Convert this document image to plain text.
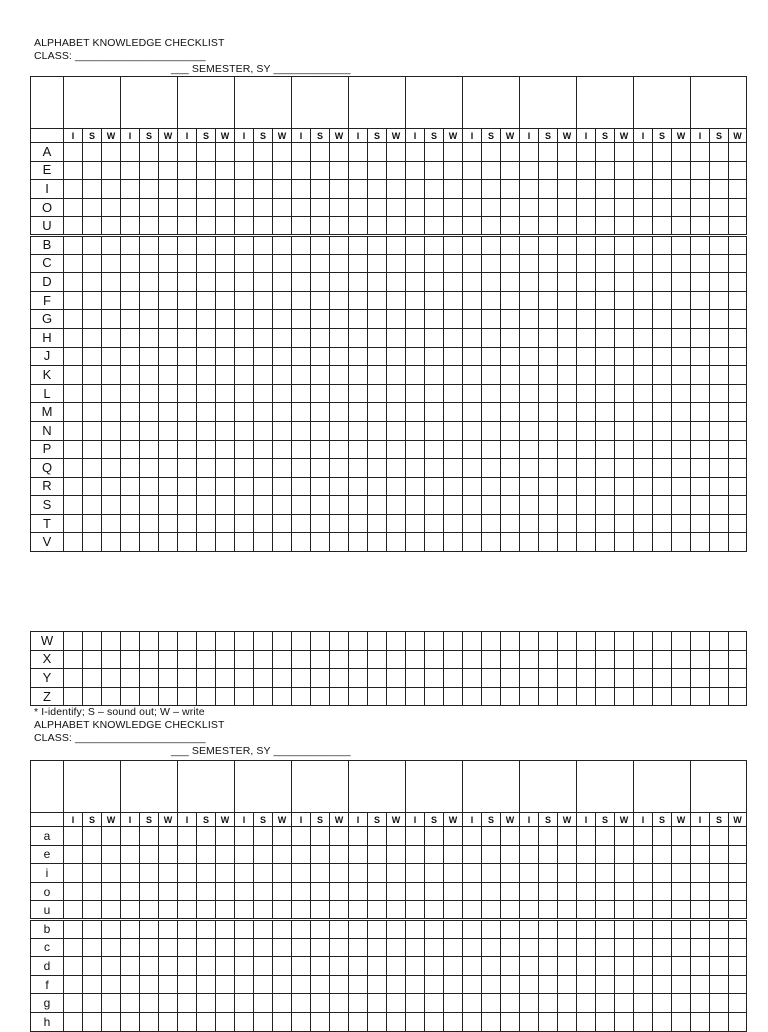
ALPHABET KNOWLEDGE CHECKLIST
CLASS: ______________________
___ SEMESTER, SY _____________

	I	S	W	I	S	W	I	S	W	I	S	W	I	S	W	I	S	W	I	S	W	I	S	W	I	S	W	I	S	W	I	S	W	I	S	W
A																																				
E																																				
I																																				
O																																				
U																																				
B																																				
C																																				
D																																				
F																																				
G																																				
H																																				
J																																				
K																																				
L																																				
M																																				
N																																				
P																																				
Q																																				
R																																				
S																																				
T																																				
V																																				
W																																				
X																																				
Y																																				
Z																																				
* I-identify; S – sound out; W – write
ALPHABET KNOWLEDGE CHECKLIST
CLASS: ______________________
___ SEMESTER, SY _____________

	I	S	W	I	S	W	I	S	W	I	S	W	I	S	W	I	S	W	I	S	W	I	S	W	I	S	W	I	S	W	I	S	W	I	S	W
a																																				
e																																				
i																																				
o																																				
u																																				
b																																				
c																																				
d																																				
f																																				
g																																				
h																																				
